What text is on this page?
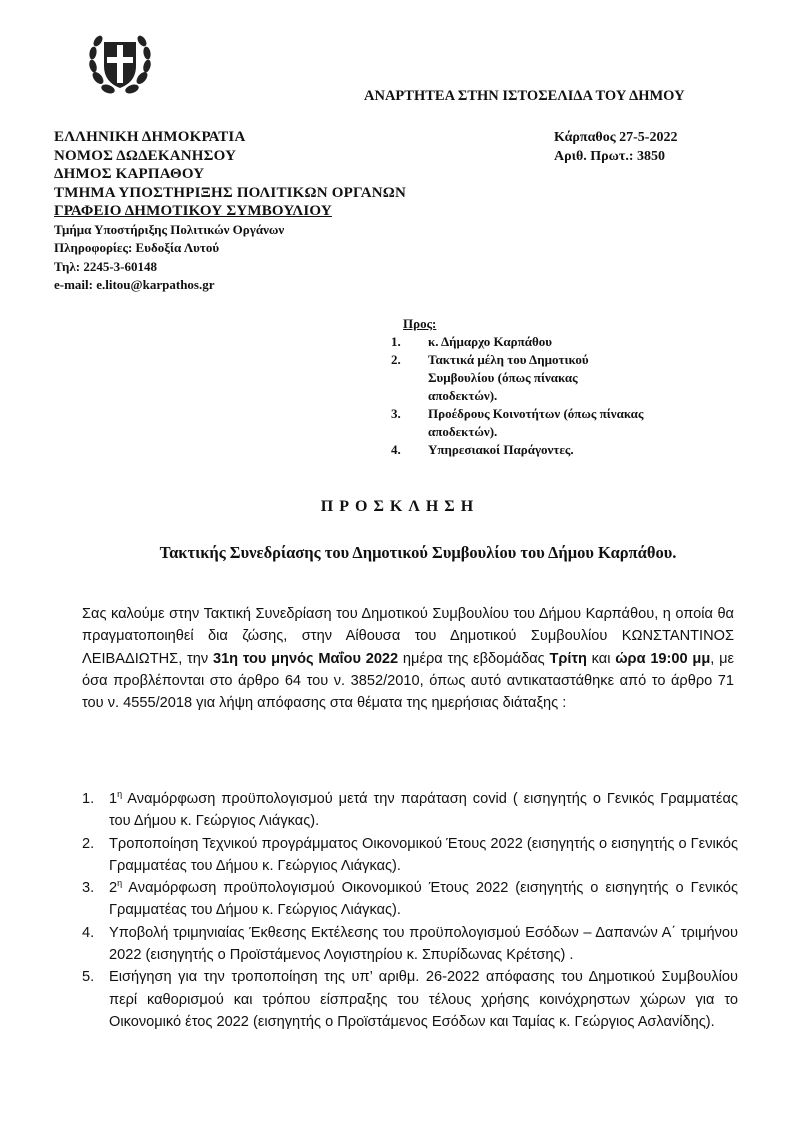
ΑΝΑΡΤΗΤΕΑ ΣΤΗΝ ΙΣΤΟΣΕΛΙΔΑ ΤΟΥ ΔΗΜΟΥ
ΕΛΛΗΝΙΚΗ ΔΗΜΟΚΡΑΤΙΑ
ΝΟΜΟΣ ΔΩΔΕΚΑΝΗΣΟΥ
ΔΗΜΟΣ ΚΑΡΠΑΘΟΥ
ΤΜΗΜΑ ΥΠΟΣΤΗΡΙΞΗΣ ΠΟΛΙΤΙΚΩΝ ΟΡΓΑΝΩΝ
ΓΡΑΦΕΙΟ ΔΗΜΟΤΙΚΟΥ ΣΥΜΒΟΥΛΙΟΥ
Τμήμα Υποστήριξης Πολιτικών Οργάνων
Πληροφορίες: Ευδοξία Λυτού
Τηλ: 2245-3-60148
e-mail: e.litou@karpathos.gr
Κάρπαθος 27-5-2022
Αριθ. Πρωτ.: 3850
Προς:
1. κ. Δήμαρχο Καρπάθου
2. Τακτικά μέλη του Δημοτικού Συμβουλίου (όπως πίνακας αποδεκτών).
3. Προέδρους Κοινοτήτων (όπως πίνακας αποδεκτών).
4. Υπηρεσιακοί Παράγοντες.
ΠΡΟΣΚΛΗΣΗ
Τακτικής Συνεδρίασης του Δημοτικού Συμβουλίου του Δήμου Καρπάθου.
Σας καλούμε στην Τακτική Συνεδρίαση του Δημοτικού Συμβουλίου του Δήμου Καρπάθου, η οποία θα πραγματοποιηθεί δια ζώσης, στην Αίθουσα του Δημοτικού Συμβουλίου ΚΩΝΣΤΑΝΤΙΝΟΣ ΛΕΙΒΑΔΙΩΤΗΣ, την 31η του μηνός Μαΐου 2022 ημέρα της εβδομάδας Τρίτη και ώρα 19:00 μμ, με όσα προβλέπονται στο άρθρο 64 του ν. 3852/2010, όπως αυτό αντικαταστάθηκε από το άρθρο 71 του ν. 4555/2018 για λήψη απόφασης στα θέματα της ημερήσιας διάταξης :
1. $1^\eta$ Αναμόρφωση προϋπολογισμού μετά την παράταση covid ( εισηγητής ο Γενικός Γραμματέας του Δήμου κ. Γεώργιος Λιάγκας).
2. Τροποποίηση Τεχνικού προγράμματος Οικονομικού Έτους 2022 (εισηγητής ο εισηγητής ο Γενικός Γραμματέας του Δήμου κ. Γεώργιος Λιάγκας).
3. $2^\eta$ Αναμόρφωση προϋπολογισμού Οικονομικού Έτους 2022 (εισηγητής ο εισηγητής ο Γενικός Γραμματέας του Δήμου κ. Γεώργιος Λιάγκας).
4. Υποβολή τριμηνιαίας Έκθεσης Εκτέλεσης του προϋπολογισμού Εσόδων – Δαπανών Α΄ τριμήνου 2022 (εισηγητής ο Προϊστάμενος Λογιστηρίου κ. Σπυρίδωνας Κρέτσης) .
5. Εισήγηση για την τροποποίηση της υπ’ αριθμ. 26-2022 απόφασης του Δημοτικού Συμβουλίου περί καθορισμού και τρόπου είσπραξης του τέλους χρήσης κοινόχρηστων χώρων για το Οικονομικό έτος 2022 (εισηγητής ο Προϊστάμενος Εσόδων και Ταμίας κ. Γεώργιος Ασλανίδης).
